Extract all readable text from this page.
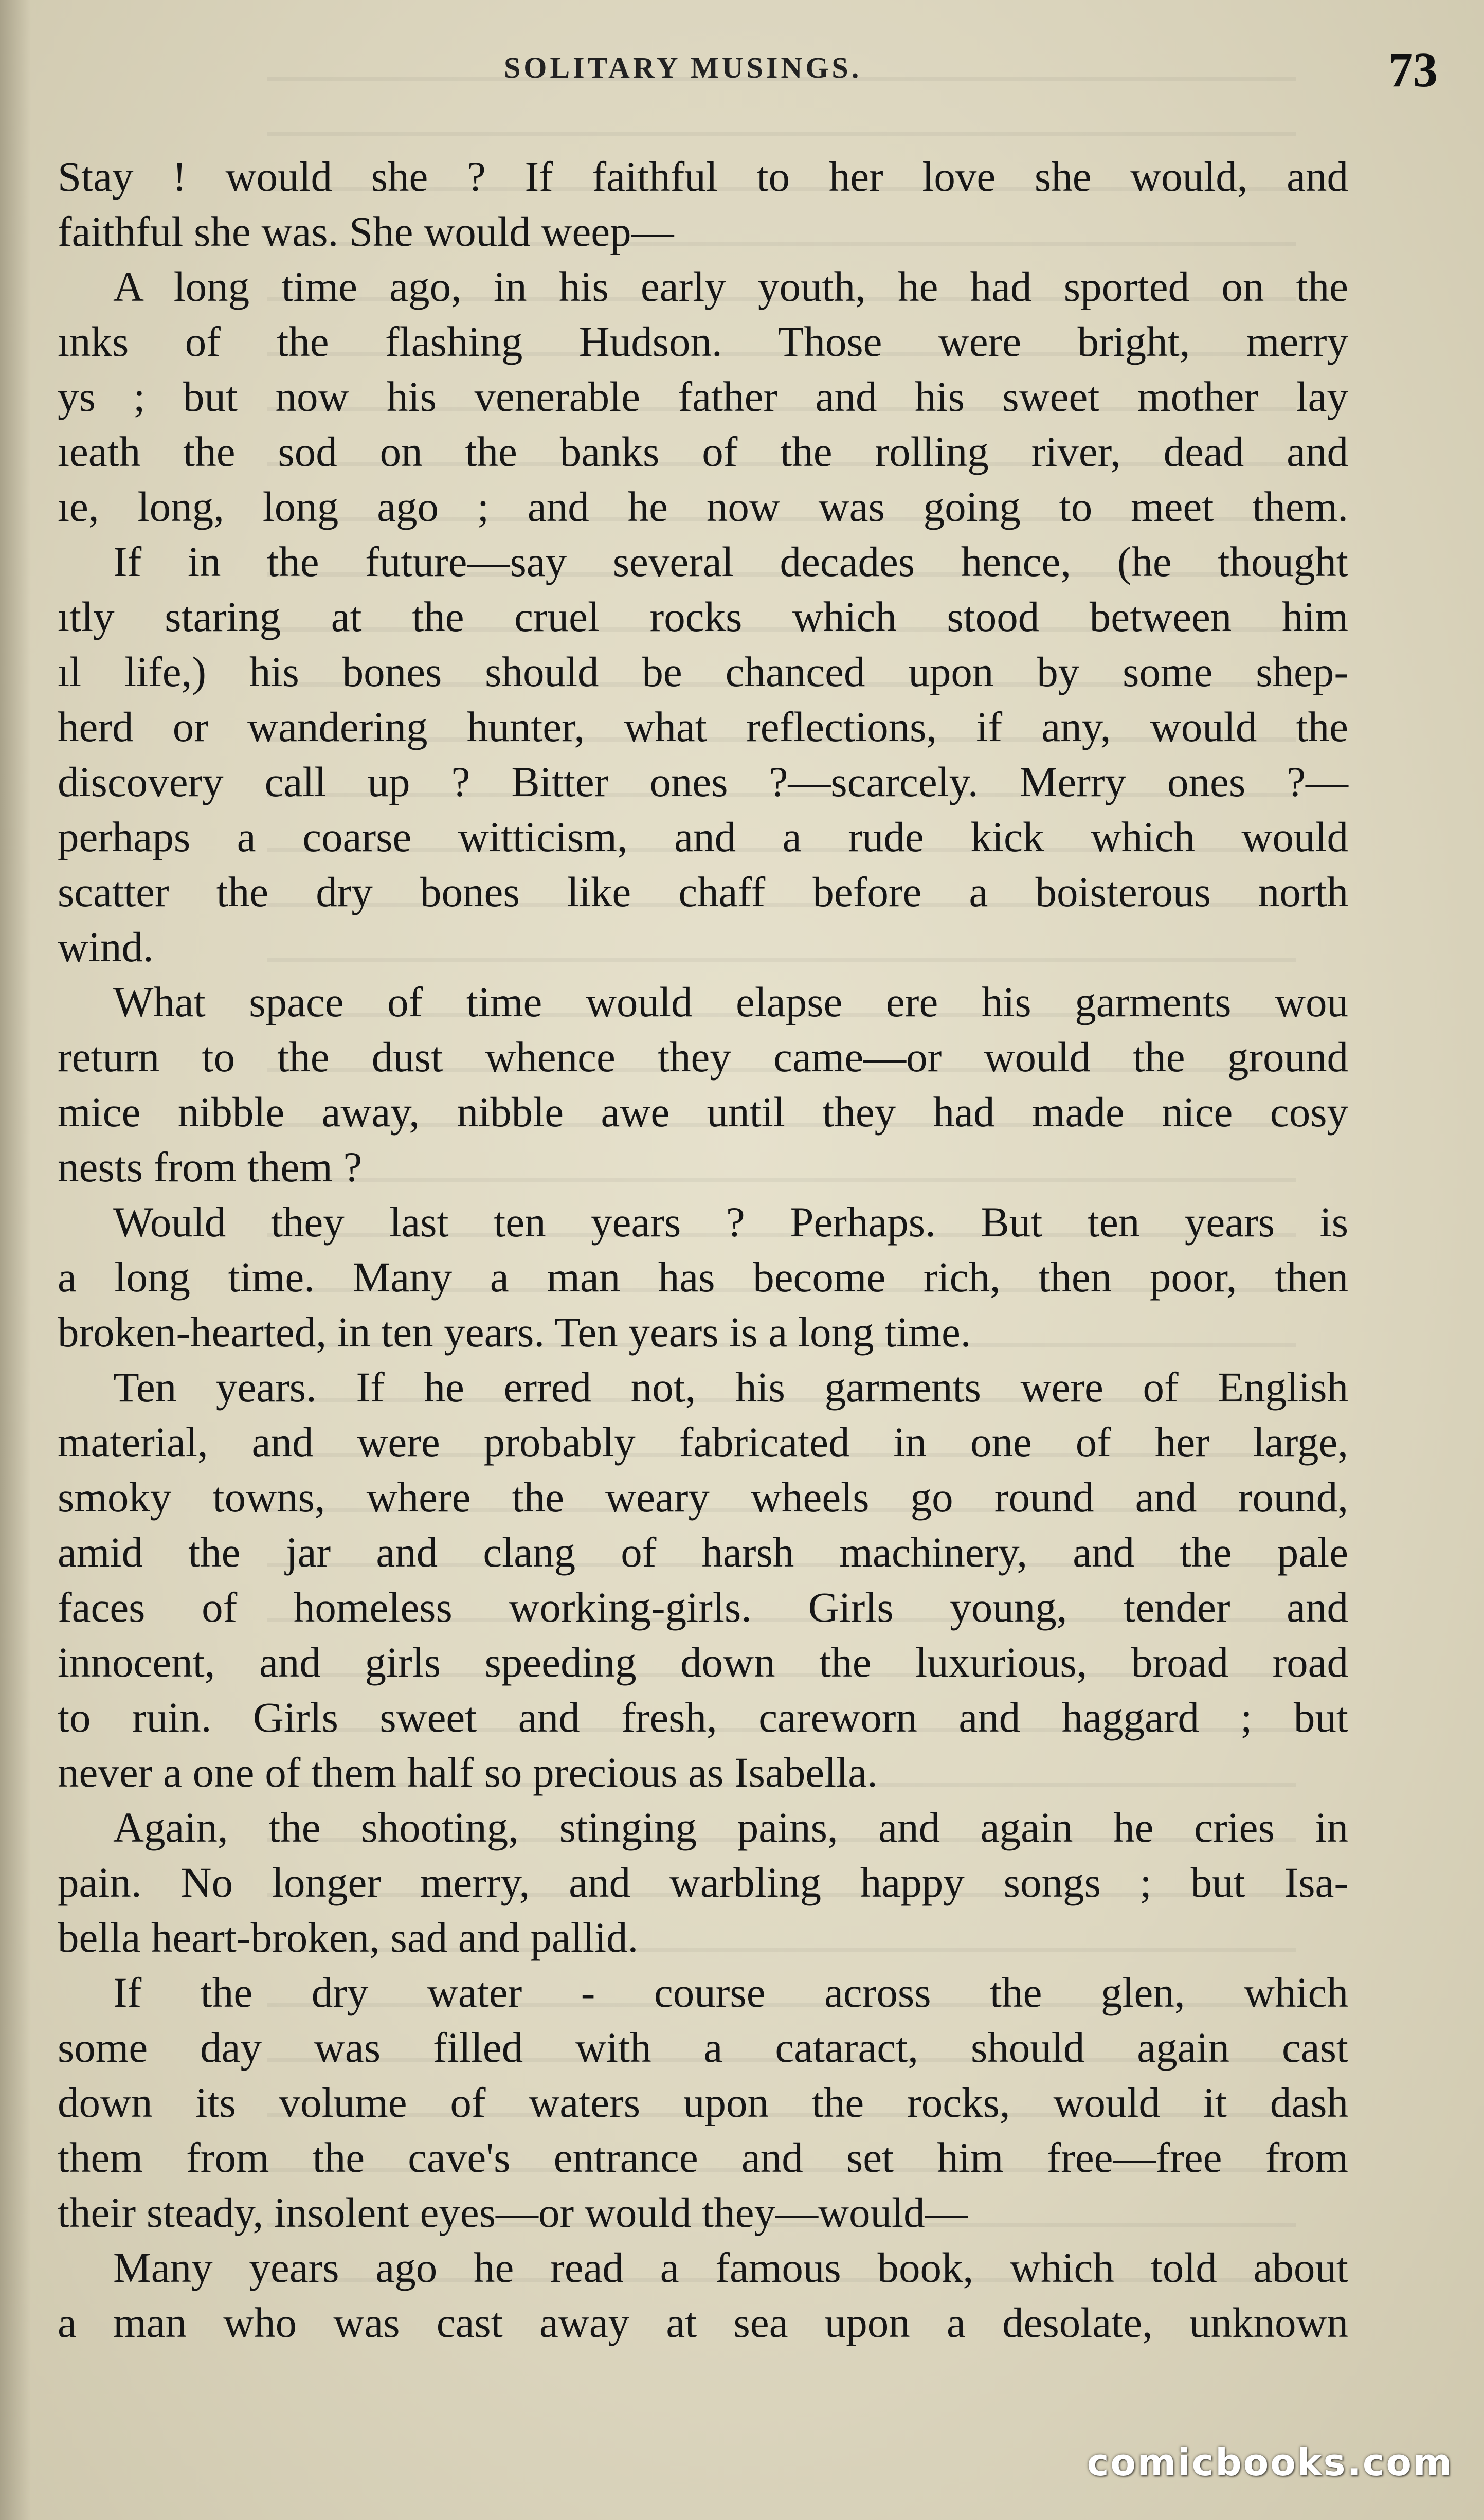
SOLITARY MUSINGS.	73
Stay ! would she ? If faithful to her love she would, and
faithful she was. She would weep—
A long time ago, in his early youth, he had sported on the
ınks of the flashing Hudson. Those were bright, merry
ys ; but now his venerable father and his sweet mother lay
ıeath the sod on the banks of the rolling river, dead and
ıe, long, long ago ; and he now was going to meet them.
If in the future—say several decades hence, (he thought
ıtly staring at the cruel rocks which stood between him
ıl life,) his bones should be chanced upon by some shep-
herd or wandering hunter, what reflections, if any, would the
discovery call up ? Bitter ones ?—scarcely. Merry ones ?—
perhaps a coarse witticism, and a rude kick which would
scatter the dry bones like chaff before a boisterous north
wind.
What space of time would elapse ere his garments wou
return to the dust whence they came—or would the ground
mice nibble away, nibble awe until they had made nice cosy
nests from them ?
Would they last ten years ? Perhaps. But ten years is
a long time. Many a man has become rich, then poor, then
broken-hearted, in ten years. Ten years is a long time.
Ten years. If he erred not, his garments were of English
material, and were probably fabricated in one of her large,
smoky towns, where the weary wheels go round and round,
amid the jar and clang of harsh machinery, and the pale
faces of homeless working-girls. Girls young, tender and
innocent, and girls speeding down the luxurious, broad road
to ruin. Girls sweet and fresh, careworn and haggard ; but
never a one of them half so precious as Isabella.
Again, the shooting, stinging pains, and again he cries in
pain. No longer merry, and warbling happy songs ; but Isa-
bella heart-broken, sad and pallid.
If the dry water - course across the glen, which
some day was filled with a cataract, should again cast
down its volume of waters upon the rocks, would it dash
them from the cave's entrance and set him free—free from
their steady, insolent eyes—or would they—would—
Many years ago he read a famous book, which told about
a man who was cast away at sea upon a desolate, unknown
comicbooks.com
